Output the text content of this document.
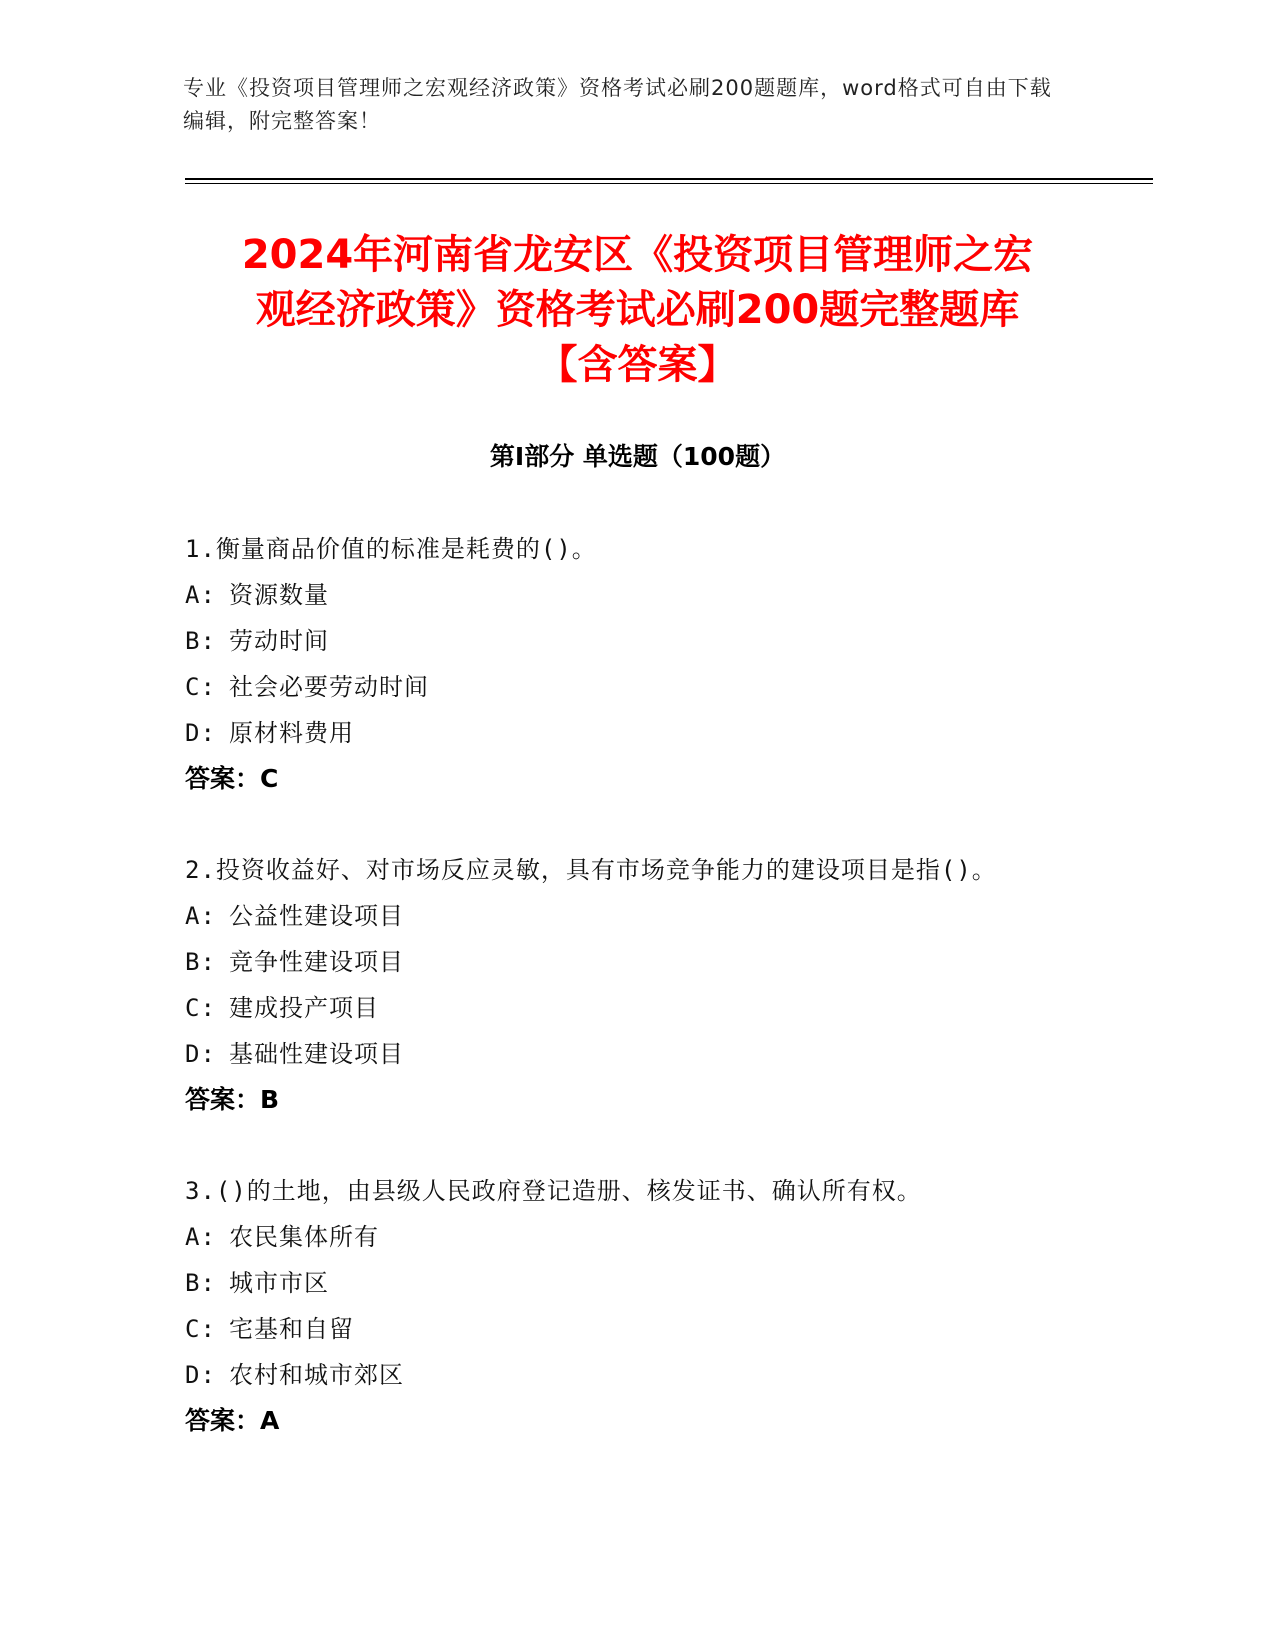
专业《投资项目管理师之宏观经济政策》资格考试必刷200题题库，word格式可自由下载编辑，附完整答案！
2024年河南省龙安区《投资项目管理师之宏
观经济政策》资格考试必刷200题完整题库
【含答案】
第Ⅰ部分 单选题（100题）
1.衡量商品价值的标准是耗费的()。
A: 资源数量
B: 劳动时间
C: 社会必要劳动时间
D: 原材料费用
答案：C
2.投资收益好、对市场反应灵敏，具有市场竞争能力的建设项目是指()。
A: 公益性建设项目
B: 竞争性建设项目
C: 建成投产项目
D: 基础性建设项目
答案：B
3.()的土地，由县级人民政府登记造册、核发证书、确认所有权。
A: 农民集体所有
B: 城市市区
C: 宅基和自留
D: 农村和城市郊区
答案：A
